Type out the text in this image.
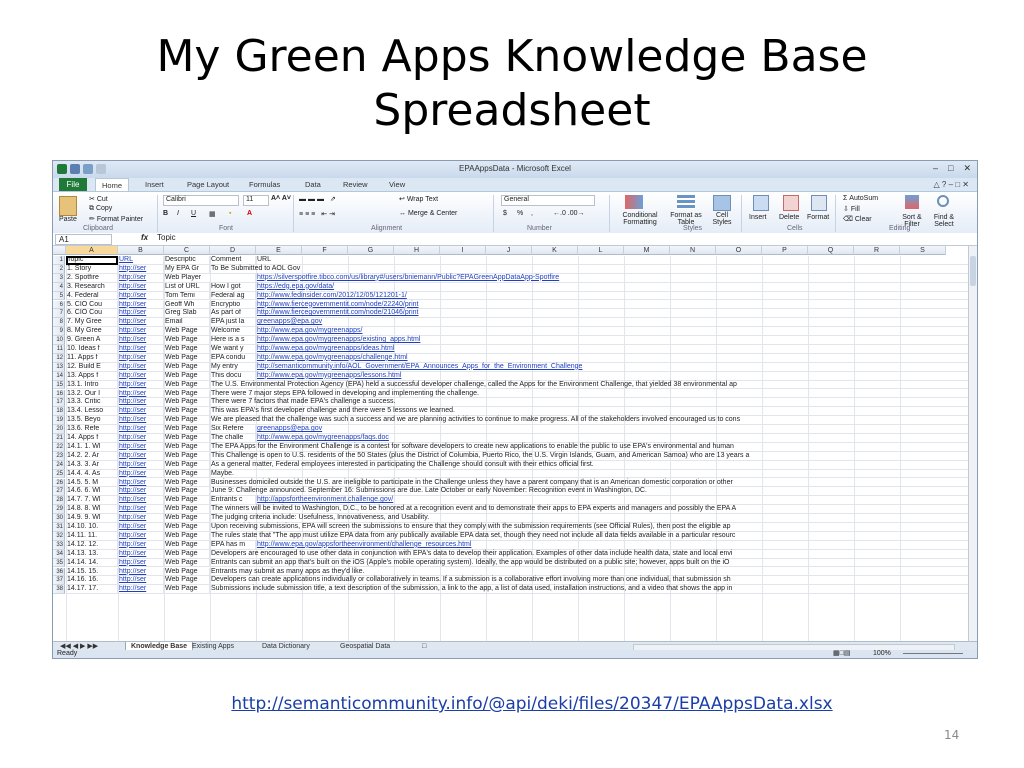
My Green Apps Knowledge Base
Spreadsheet
EPAAppsData - Microsoft Excel	– □ ✕
File	Home	Insert	Page Layout	Formulas	Data	Review	View	△ ? – □ ✕
Paste
✂ Cut
⧉ Copy
✏ Format Painter
Clipboard
Calibri	11	A˄ A˅
B I U ▦ ▪ A
Font
▬▬▬ ⇗
≡≡≡ ⇤⇥
↩ Wrap Text
↔ Merge & Center
Alignment
General
$ % ,	←.0 .00→
Number
Conditional Formatting
Format as Table
Cell Styles
Styles
Insert Delete Format
Cells
Σ AutoSum
⇩ Fill
⌫ Clear	Sort & Filter
Find & Select
Editing
A1	fx Topic
A	B	C	D	E	F	G	H	I	J	K	L	M	N	O	P	Q	R	S
1 Topic	URL	Descriptic	Comment	URL
2 1. Story	http://ser	My EPA Gr	To Be Submitted to AOL Gov
3 2. Spotfire	http://ser	Web Player	https://silverspotfire.tibco.com/us/library#/users/bniemann/Public?EPAGreenAppDataApp-Spotfire
4 3. Research	http://ser	List of URL	How I got	https://edg.epa.gov/data/
5 4. Federal	http://ser	Tom Temi	Federal ag	http://www.fedinsider.com/2012/12/05/121201-1/
6 5. CIO Cou	http://ser	Geoff Wh	Encryptio	http://www.fiercegovernmentit.com/node/22240/print
7 6. CIO Cou	http://ser	Greg Slab	As part of	http://www.fiercegovernmentit.com/node/21046/print
8 7. My Gree	http://ser	Email	EPA just la	greenapps@epa.gov
9 8. My Gree	http://ser	Web Page	Welcome	http://www.epa.gov/mygreenapps/
10 9. Green A	http://ser	Web Page	Here is a s	http://www.epa.gov/mygreenapps/existing_apps.html
11 10. Ideas f	http://ser	Web Page	We want y	http://www.epa.gov/mygreenapps/ideas.html
12 11. Apps f	http://ser	Web Page	EPA condu	http://www.epa.gov/mygreenapps/challenge.html
13 12. Build E	http://ser	Web Page	My entry	http://semanticommunity.info/AOL_Government/EPA_Announces_Apps_for_the_Environment_Challenge
14 13. Apps f	http://ser	Web Page	This docu	http://www.epa.gov/mygreenapps/lessons.html
15 13.1. Intro	http://ser	Web Page	The U.S. Environmental Protection Agency (EPA) held a successful developer challenge, called the Apps for the Environment Challenge, that yielded 38 environmental ap
16 13.2. Our I	http://ser	Web Page	There were 7 major steps EPA followed in developing and implementing the challenge.
17 13.3. Critic	http://ser	Web Page	There were 7 factors that made EPA's challenge a success.
18 13.4. Lesso	http://ser	Web Page	This was EPA's first developer challenge and there were 5 lessons we learned.
19 13.5. Beyo	http://ser	Web Page	We are pleased that the challenge was such a success and we are planning activities to continue to make progress. All of the stakeholders involved encouraged us to cons
20 13.6. Refe	http://ser	Web Page	Six Refere	greenapps@epa.gov
21 14. Apps f	http://ser	Web Page	The challe	http://www.epa.gov/mygreenapps/faqs.doc
22 14.1. 1. Wl	http://ser	Web Page	The EPA Apps for the Environment Challenge is a contest for software developers to create new applications to enable the public to use EPA's environmental and human
23 14.2. 2. Ar	http://ser	Web Page	This Challenge is open to U.S. residents of the 50 States (plus the District of Columbia, Puerto Rico, the U.S. Virgin Islands, Guam, and American Samoa) who are 13 years a
24 14.3. 3. Ar	http://ser	Web Page	As a general matter, Federal employees interested in participating the Challenge should consult with their ethics official first.
25 14.4. 4. As	http://ser	Web Page	Maybe.
26 14.5. 5. M	http://ser	Web Page	Businesses domiciled outside the U.S. are ineligible to participate in the Challenge unless they have a parent company that is an American domestic corporation or other
27 14.6. 6. Wl	http://ser	Web Page	June 9: Challenge announced. September 16: Submissions are due. Late October or early November: Recognition event in Washington, DC.
28 14.7. 7. Wl	http://ser	Web Page	Entrants c	http://appsfortheenvironment.challenge.gov/
29 14.8. 8. Wl	http://ser	Web Page	The winners will be invited to Washington, D.C., to be honored at a recognition event and to demonstrate their apps to EPA experts and managers and possibly the EPA A
30 14.9. 9. Wl	http://ser	Web Page	The judging criteria include: Usefulness, Innovativeness, and Usability.
31 14.10. 10.	http://ser	Web Page	Upon receiving submissions, EPA will screen the submissions to ensure that they comply with the submission requirements (see Official Rules), then post the eligible ap
32 14.11. 11.	http://ser	Web Page	The rules state that "The app must utilize EPA data from any publically available EPA data set, though they need not include all data fields available in a particular resourc
33 14.12. 12.	http://ser	Web Page	EPA has m	http://www.epa.gov/appsfortheenvironment/challenge_resources.html
34 14.13. 13.	http://ser	Web Page	Developers are encouraged to use other data in conjunction with EPA's data to develop their application. Examples of other data include health data, state and local envi
35 14.14. 14.	http://ser	Web Page	Entrants can submit an app that's built on the iOS (Apple's mobile operating system). Ideally, the app would be distributed on a public site; however, apps built on the iO
36 14.15. 15.	http://ser	Web Page	Entrants may submit as many apps as they'd like.
37 14.16. 16.	http://ser	Web Page	Developers can create applications individually or collaboratively in teams. If a submission is a collaborative effort involving more than one individual, that submission sh
38 14.17. 17.	http://ser	Web Page	Submissions include submission title, a text description of the submission, a link to the app, a list of data used, installation instructions, and a video that shows the app in
◀◀ ◀ ▶ ▶▶	Knowledge Base Existing Apps	Data Dictionary	Geospatial Data	□
Ready	▦□▤	100%
http://semanticommunity.info/@api/deki/files/20347/EPAAppsData.xlsx
14
